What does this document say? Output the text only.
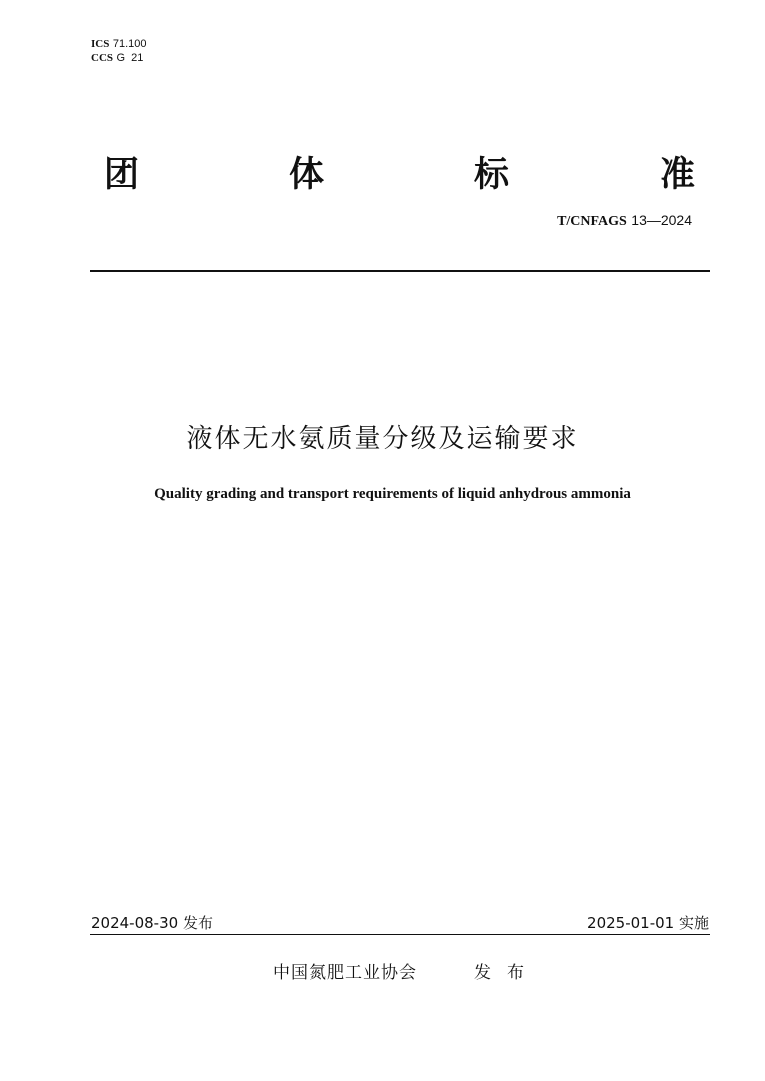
ICS 71.100
CCS G  21
团	体	标	准
T/CNFAGS 13—2024
液体无水氨质量分级及运输要求
Quality grading and transport requirements of liquid anhydrous ammonia
2024-08-30 发布	2025-01-01 实施
中国氮肥工业协会	发布
